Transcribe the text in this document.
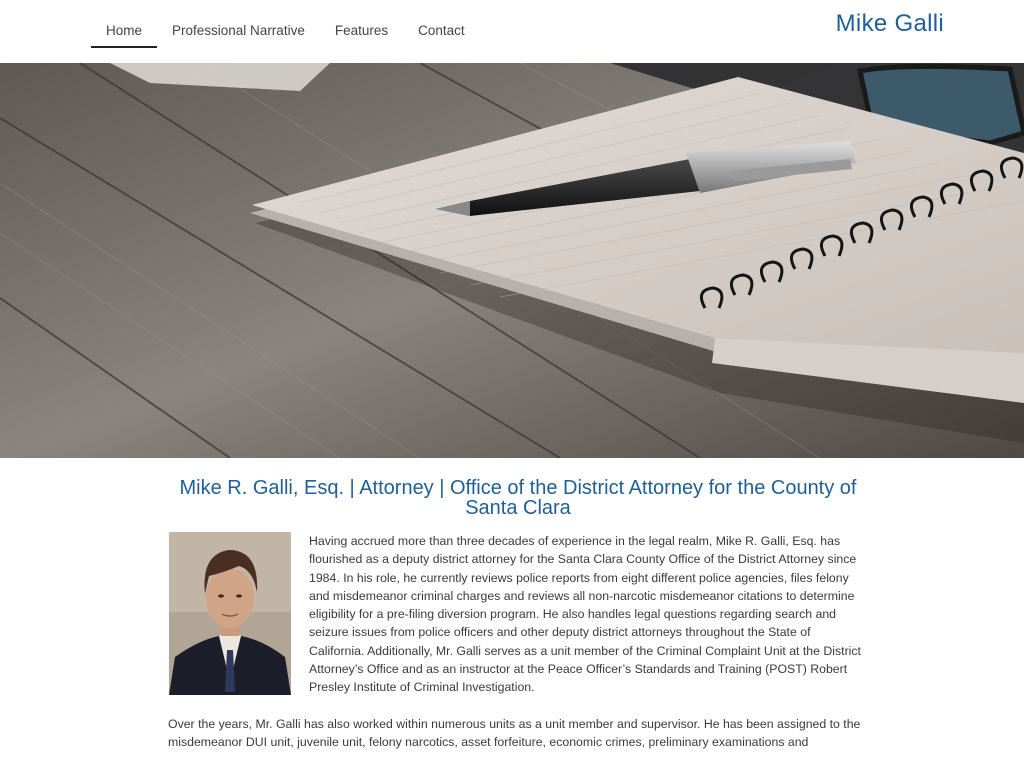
Home	Professional Narrative	Features	Contact	Mike Galli
Mike R. Galli, Esq. | Attorney | Office of the District Attorney for the County of Santa Clara

Having accrued more than three decades of experience in the legal realm, Mike R. Galli, Esq. has flourished as a deputy district attorney for the Santa Clara County Office of the District Attorney since 1984. In his role, he currently reviews police reports from eight different police agencies, files felony and misdemeanor criminal charges and reviews all non-narcotic misdemeanor citations to determine eligibility for a pre-filing diversion program. He also handles legal questions regarding search and seizure issues from police officers and other deputy district attorneys throughout the State of California. Additionally, Mr. Galli serves as a unit member of the Criminal Complaint Unit at the District Attorney’s Office and as an instructor at the Peace Officer’s Standards and Training (POST) Robert Presley Institute of Criminal Investigation.

Over the years, Mr. Galli has also worked within numerous units as a unit member and supervisor. He has been assigned to the misdemeanor DUI unit, juvenile unit, felony narcotics, asset forfeiture, economic crimes, preliminary examinations and
